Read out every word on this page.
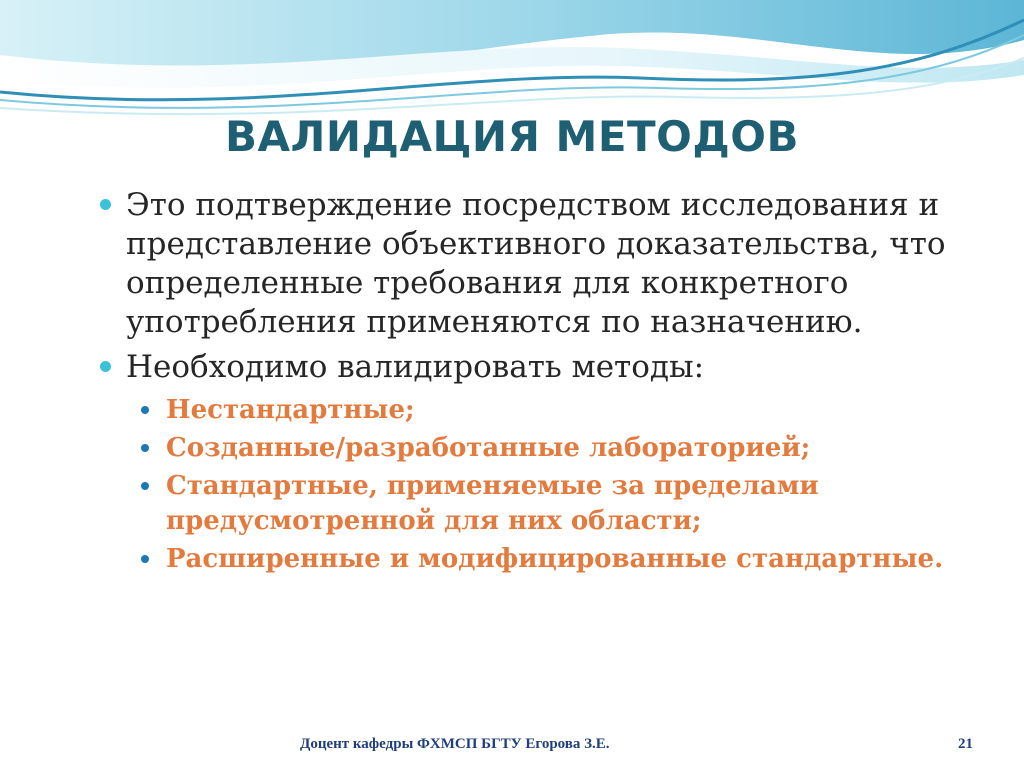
ВАЛИДАЦИЯ МЕТОДОВ
Это подтверждение посредством исследования и представление объективного доказательства, что определенные требования для конкретного употребления применяются по назначению.
Необходимо валидировать методы:
Нестандартные;
Созданные/разработанные лабораторией;
Стандартные, применяемые за пределами предусмотренной для них области;
Расширенные и модифицированные стандартные.
Доцент кафедры ФХМСП БГТУ Егорова З.Е.	21
